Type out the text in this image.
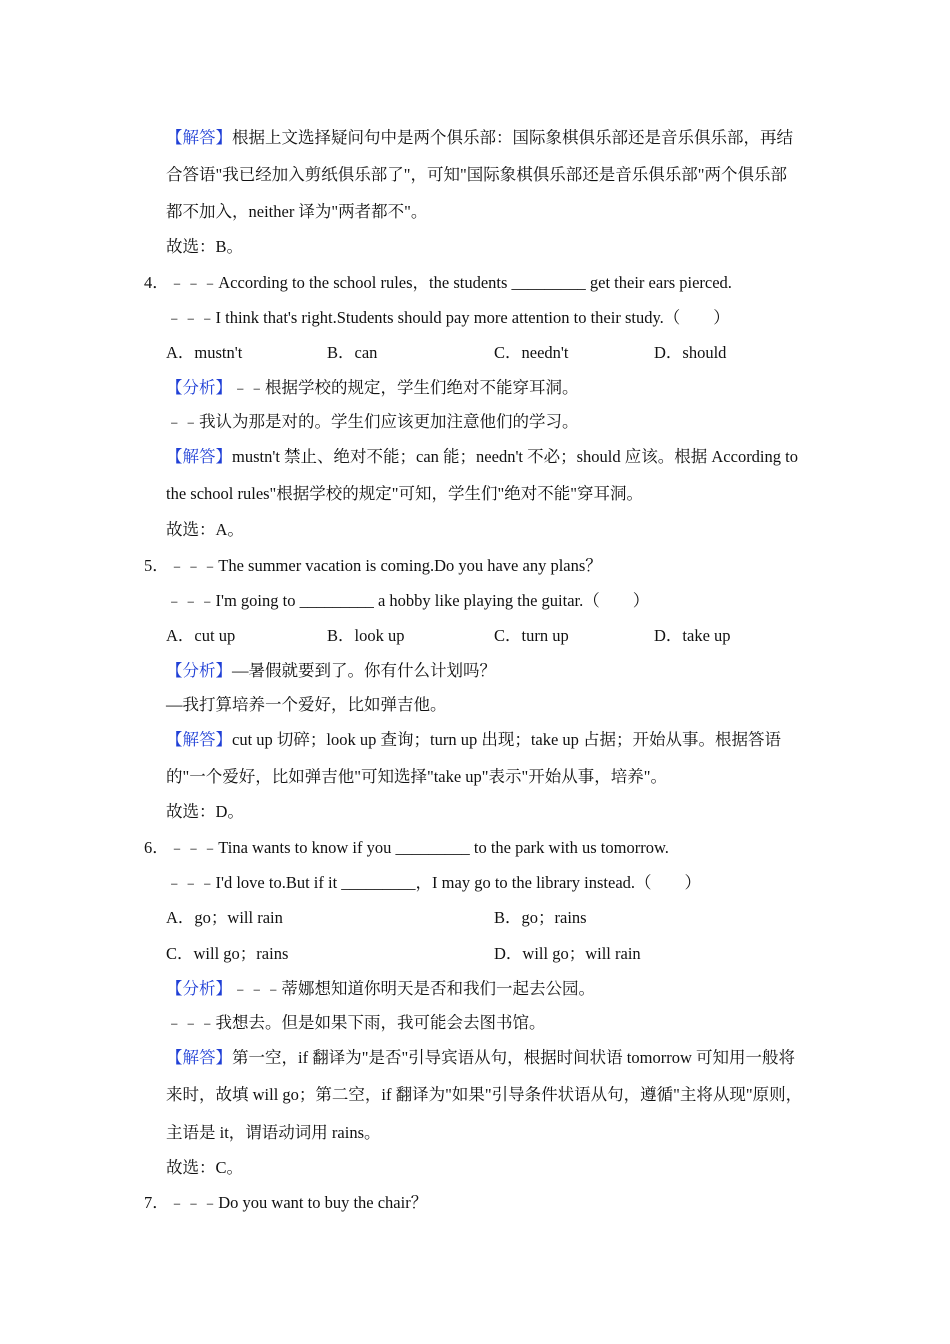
【解答】根据上文选择疑问句中是两个俱乐部：国际象棋俱乐部还是音乐俱乐部，再结
合答语"我已经加入剪纸俱乐部了"，可知"国际象棋俱乐部还是音乐俱乐部"两个俱乐部
都不加入，neither 译为"两者都不"。
故选：B。
4．﹣﹣﹣According to the school rules，the students _________ get their ears pierced.
﹣﹣﹣I think that's right.Students should pay more attention to their study.（　　）
A．mustn't	B．can	C．needn't	D．should
【分析】﹣﹣根据学校的规定，学生们绝对不能穿耳洞。
﹣﹣我认为那是对的。学生们应该更加注意他们的学习。
【解答】mustn't 禁止、绝对不能；can 能；needn't 不必；should 应该。根据 According to
the school rules"根据学校的规定"可知，学生们"绝对不能"穿耳洞。
故选：A。
5．﹣﹣﹣The summer vacation is coming.Do you have any plans？
﹣﹣﹣I'm going to _________ a hobby like playing the guitar.（　　）
A．cut up	B．look up	C．turn up	D．take up
【分析】—暑假就要到了。你有什么计划吗？
—我打算培养一个爱好，比如弹吉他。
【解答】cut up 切碎；look up 查询；turn up 出现；take up 占据；开始从事。根据答语
的"一个爱好，比如弹吉他"可知选择"take up"表示"开始从事，培养"。
故选：D。
6．﹣﹣﹣Tina wants to know if you _________ to the park with us tomorrow.
﹣﹣﹣I'd love to.But if it _________，I may go to the library instead.（　　）
A．go；will rain	B．go；rains
C．will go；rains	D．will go；will rain
【分析】﹣﹣﹣蒂娜想知道你明天是否和我们一起去公园。
﹣﹣﹣我想去。但是如果下雨，我可能会去图书馆。
【解答】第一空，if 翻译为"是否"引导宾语从句，根据时间状语 tomorrow 可知用一般将
来时，故填 will go；第二空，if 翻译为"如果"引导条件状语从句，遵循"主将从现"原则，
主语是 it，谓语动词用 rains。
故选：C。
7．﹣﹣﹣Do you want to buy the chair？
